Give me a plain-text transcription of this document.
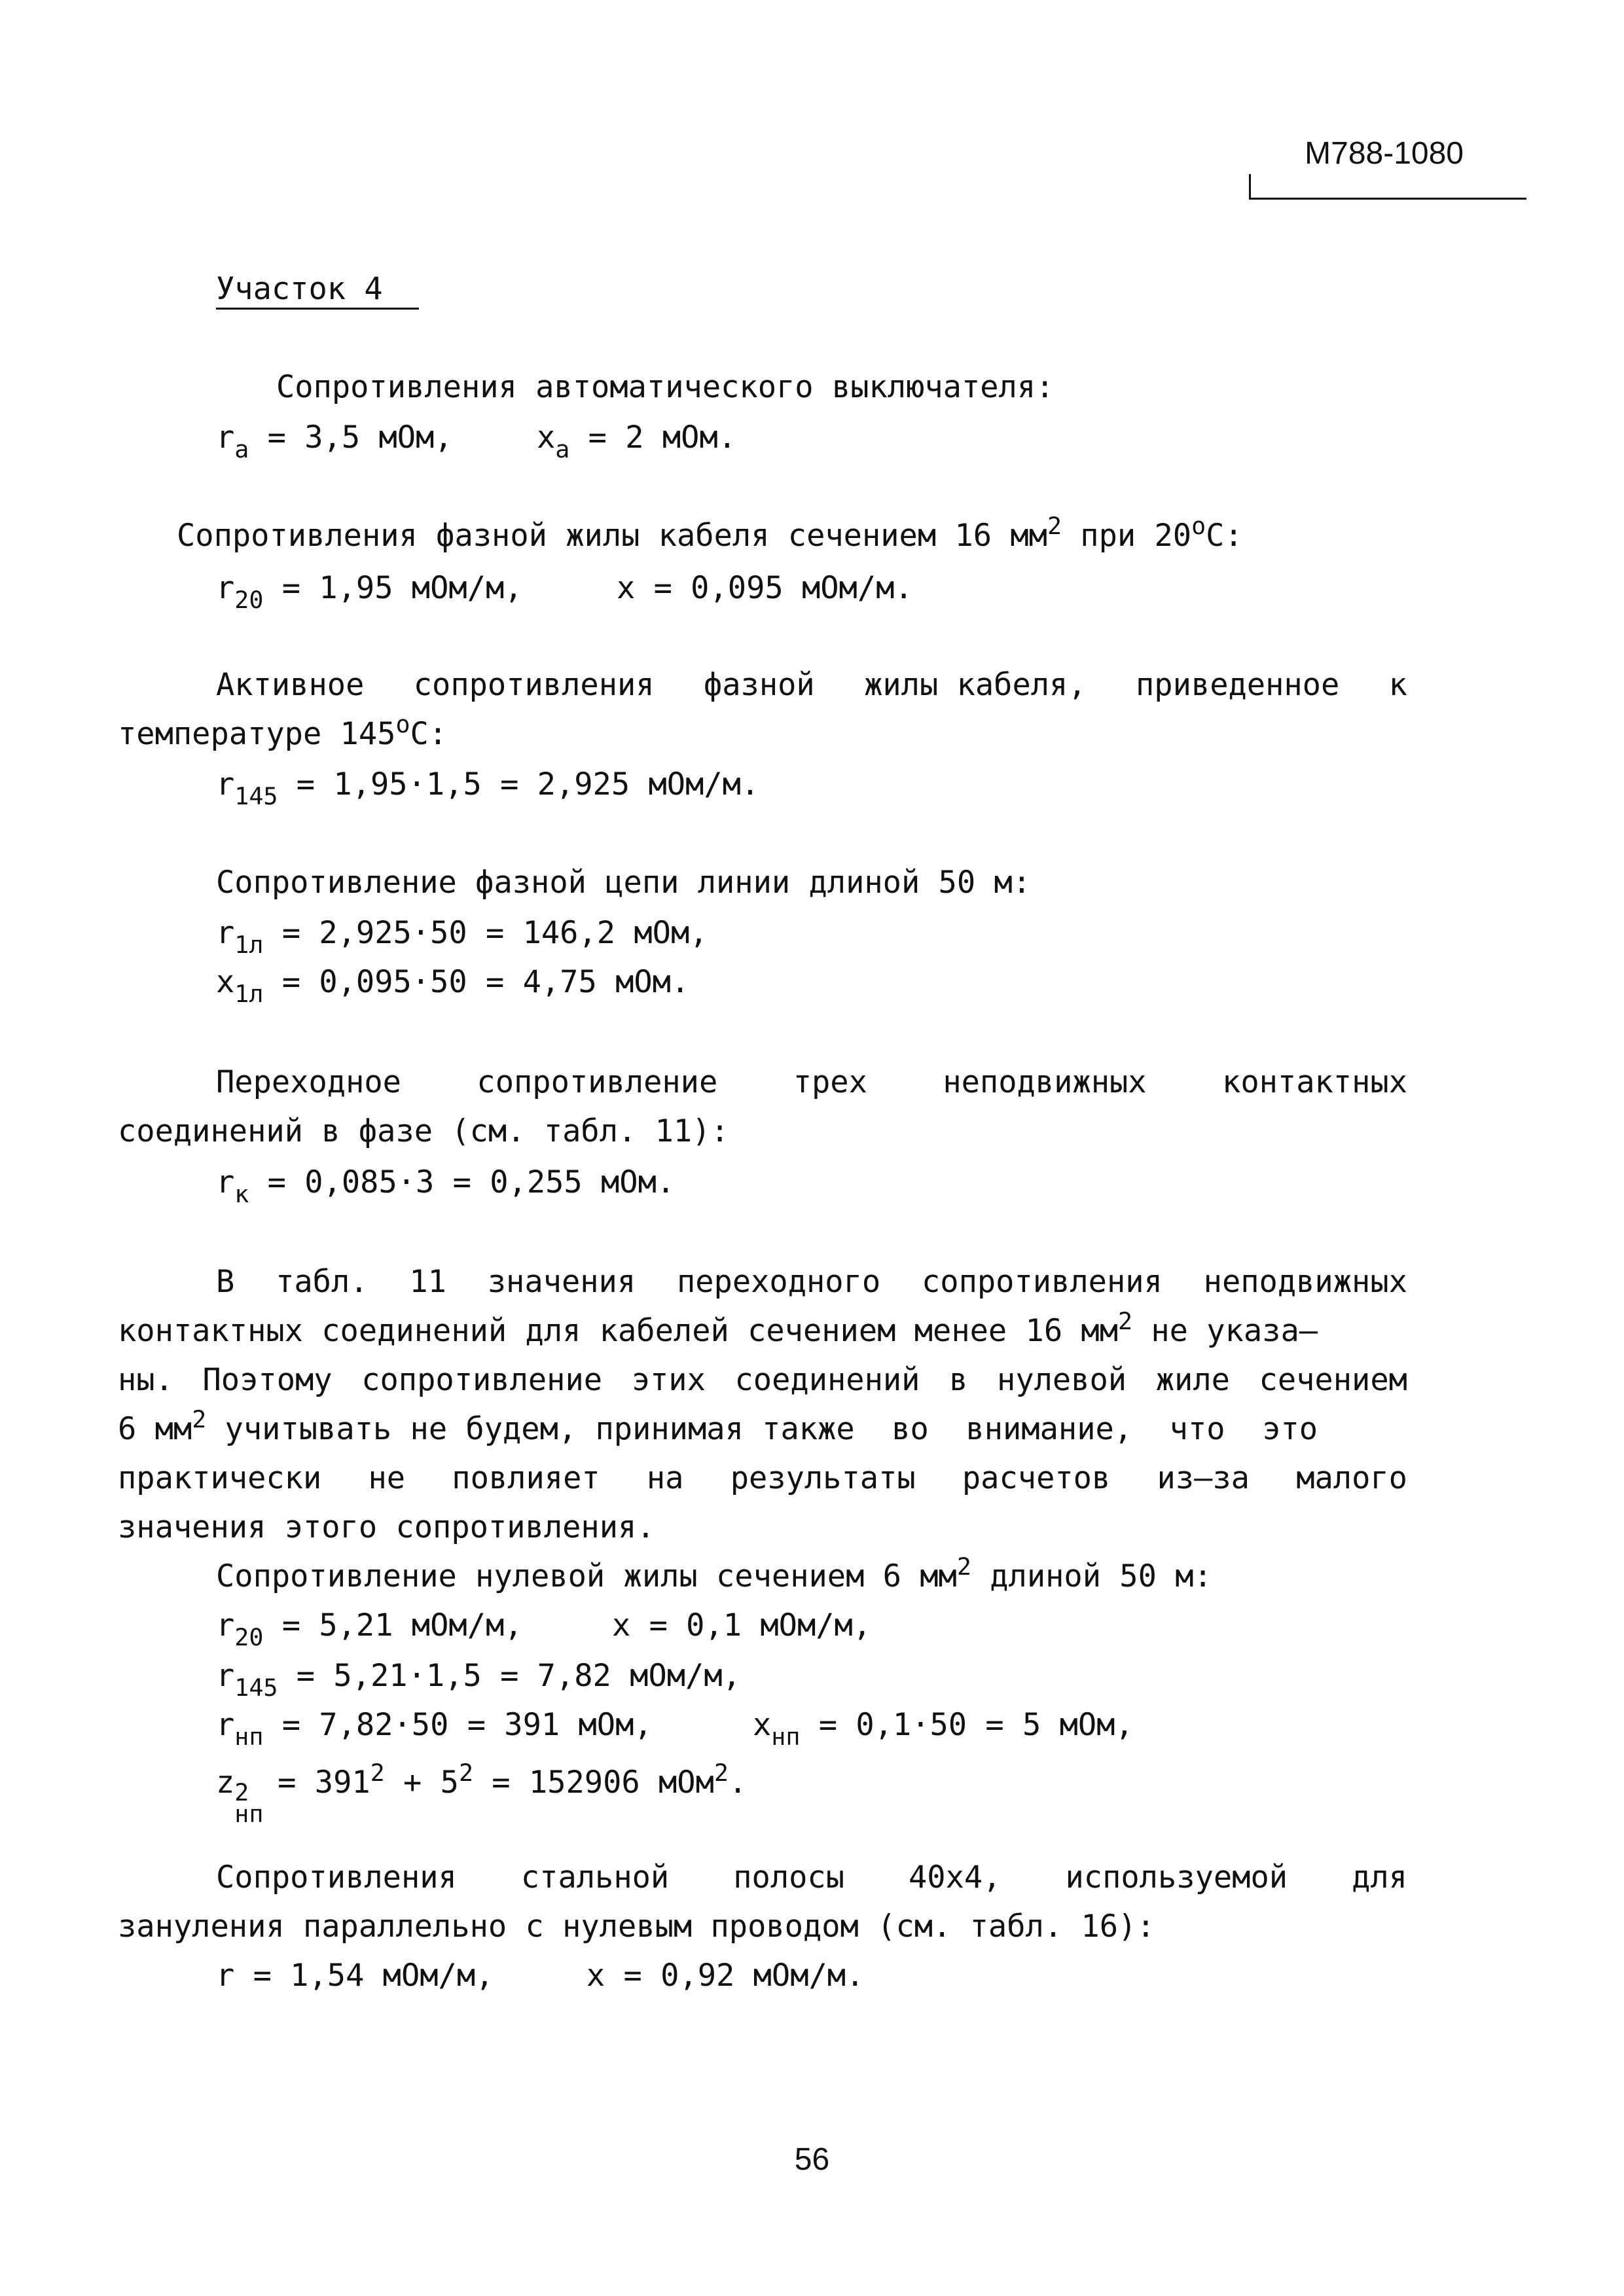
M788-1080
Участок 4
Сопротивления автоматического выключателя:
$r_a = 3,5$ мОм,	$x_a = 2$ мОм.
Сопротивления фазной жилы кабеля сечением 16 $мм^2$ при $20^оС$:
$r_{20} = 1,95$ мОм/м,	x = 0,095 мОм/м.
Активное сопротивления фазной жилы кабеля, приведенное к
температуре $145^оС$:
$r_{145} = 1,95\cdot 1,5 = 2,925$ мОм/м.
Сопротивление фазной цепи линии длиной 50 м:
$r_{1л} = 2,925\cdot 50 = 146,2$ мОм,
$x_{1л} = 0,095\cdot 50 = 4,75$ мОм.
Переходное сопротивление трех неподвижных контактных
соединений в фазе (см. табл. 11):
$r_к = 0,085\cdot 3 = 0,255$ мОм.
В табл. 11 значения переходного сопротивления неподвижных
контактных соединений для кабелей сечением менее 16 $мм^2$ не указа–
ны. Поэтому сопротивление этих соединений в нулевой жиле сечением
6 $мм^2$ учитывать не будем, принимая также  во  внимание,  что  это
практически не повлияет на результаты расчетов из–за малого
значения этого сопротивления.
Сопротивление нулевой жилы сечением 6 $мм^2$ длиной 50 м:
$r_{20} = 5,21$ мОм/м,	x = 0,1 мОм/м,
$r_{145} = 5,21\cdot 1,5 = 7,82$ мОм/м,
$r_{нп} = 7,82\cdot 50 = 391$ мОм,	$x_{нп} = 0,1\cdot 50 = 5$ мОм,
z 2
нп
= $391^2 + 5^2 = 152906$ мОм$^2$.
Сопротивления стальной полосы 40х4, используемой для
зануления параллельно с нулевым проводом (см. табл. 16):
r = 1,54 мОм/м,     x = 0,92 мОм/м.
56
